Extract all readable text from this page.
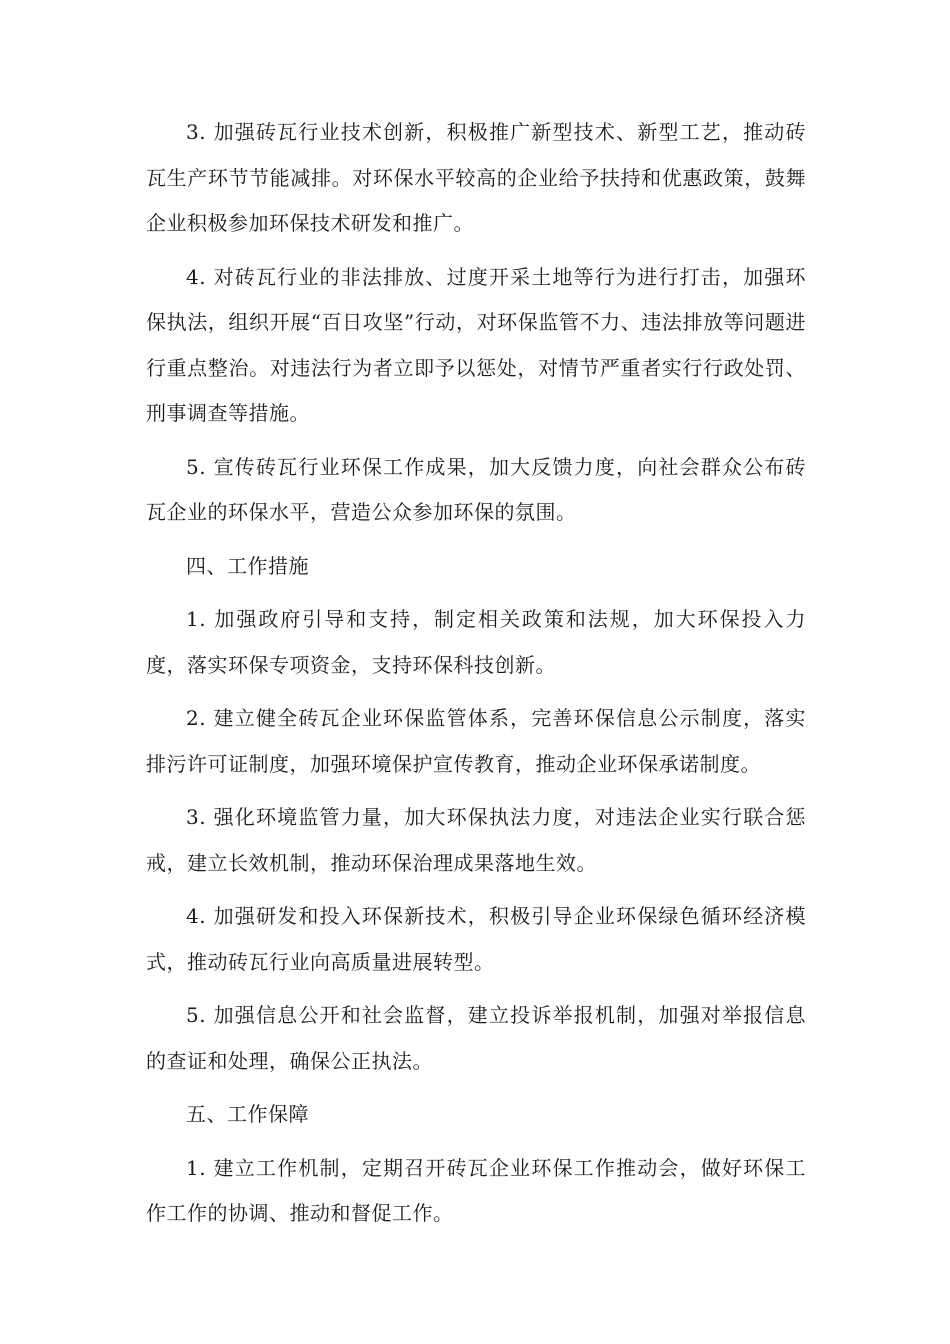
3. 加强砖瓦行业技术创新，积极推广新型技术、新型工艺，推动砖瓦生产环节节能减排。对环保水平较高的企业给予扶持和优惠政策，鼓舞企业积极参加环保技术研发和推广。

4. 对砖瓦行业的非法排放、过度开采土地等行为进行打击，加强环保执法，组织开展“百日攻坚”行动，对环保监管不力、违法排放等问题进行重点整治。对违法行为者立即予以惩处，对情节严重者实行行政处罚、刑事调查等措施。

5. 宣传砖瓦行业环保工作成果，加大反馈力度，向社会群众公布砖瓦企业的环保水平，营造公众参加环保的氛围。

四、工作措施

1. 加强政府引导和支持，制定相关政策和法规，加大环保投入力度，落实环保专项资金，支持环保科技创新。

2. 建立健全砖瓦企业环保监管体系，完善环保信息公示制度，落实排污许可证制度，加强环境保护宣传教育，推动企业环保承诺制度。

3. 强化环境监管力量，加大环保执法力度，对违法企业实行联合惩戒，建立长效机制，推动环保治理成果落地生效。

4. 加强研发和投入环保新技术，积极引导企业环保绿色循环经济模式，推动砖瓦行业向高质量进展转型。

5. 加强信息公开和社会监督，建立投诉举报机制，加强对举报信息的查证和处理，确保公正执法。

五、工作保障

1. 建立工作机制，定期召开砖瓦企业环保工作推动会，做好环保工作工作的协调、推动和督促工作。
